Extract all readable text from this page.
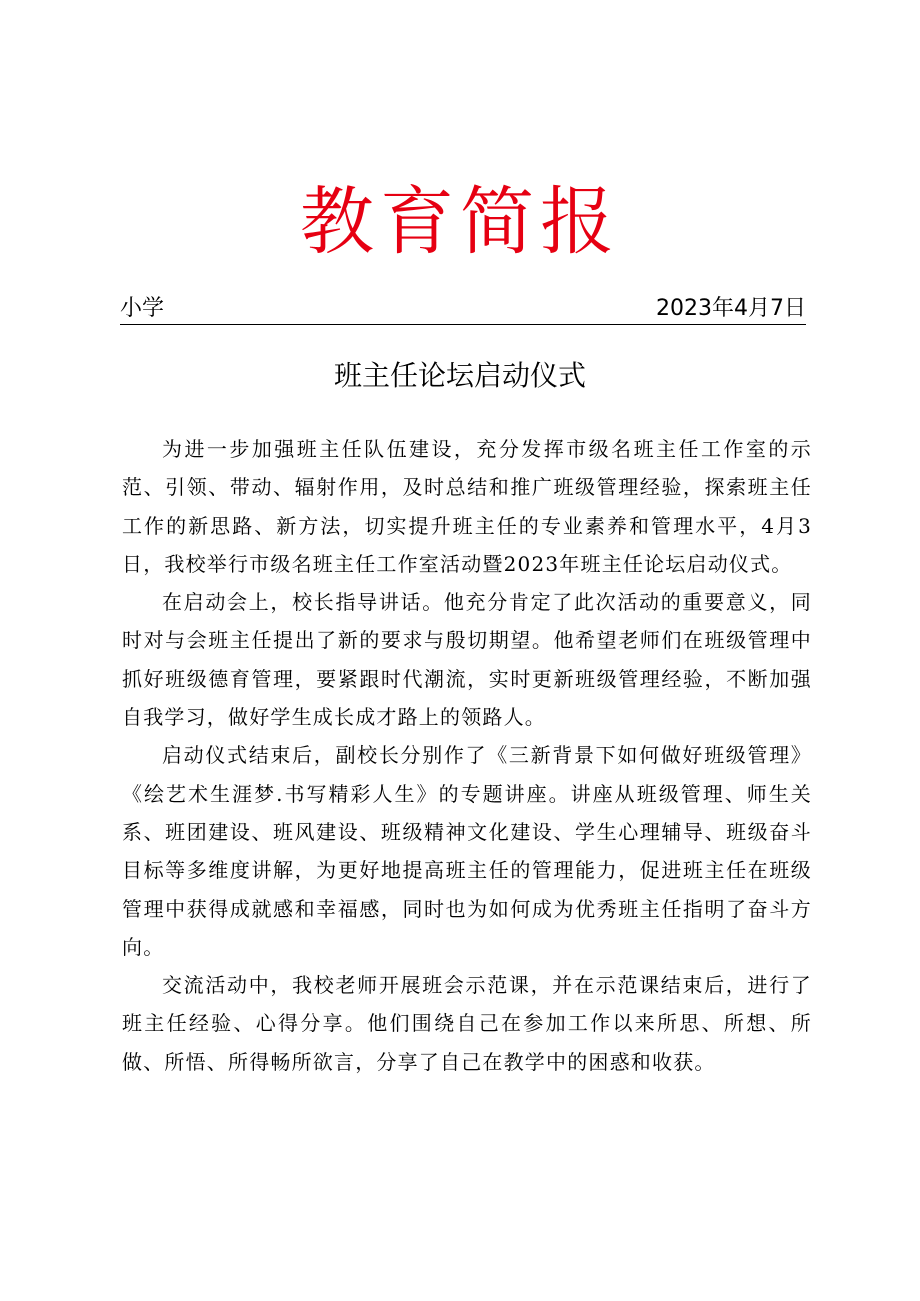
教育简报
小学	2023年4月7日
班主任论坛启动仪式

为进一步加强班主任队伍建设，充分发挥市级名班主任工作室的示范、引领、带动、辐射作用，及时总结和推广班级管理经验，探索班主任工作的新思路、新方法，切实提升班主任的专业素养和管理水平，4月3日，我校举行市级名班主任工作室活动暨2023年班主任论坛启动仪式。

在启动会上，校长指导讲话。他充分肯定了此次活动的重要意义，同时对与会班主任提出了新的要求与殷切期望。他希望老师们在班级管理中抓好班级德育管理，要紧跟时代潮流，实时更新班级管理经验，不断加强自我学习，做好学生成长成才路上的领路人。

启动仪式结束后，副校长分别作了《三新背景下如何做好班级管理》《绘艺术生涯梦.书写精彩人生》的专题讲座。讲座从班级管理、师生关系、班团建设、班风建设、班级精神文化建设、学生心理辅导、班级奋斗目标等多维度讲解，为更好地提高班主任的管理能力，促进班主任在班级管理中获得成就感和幸福感，同时也为如何成为优秀班主任指明了奋斗方向。

交流活动中，我校老师开展班会示范课，并在示范课结束后，进行了班主任经验、心得分享。他们围绕自己在参加工作以来所思、所想、所做、所悟、所得畅所欲言，分享了自己在教学中的困惑和收获。
